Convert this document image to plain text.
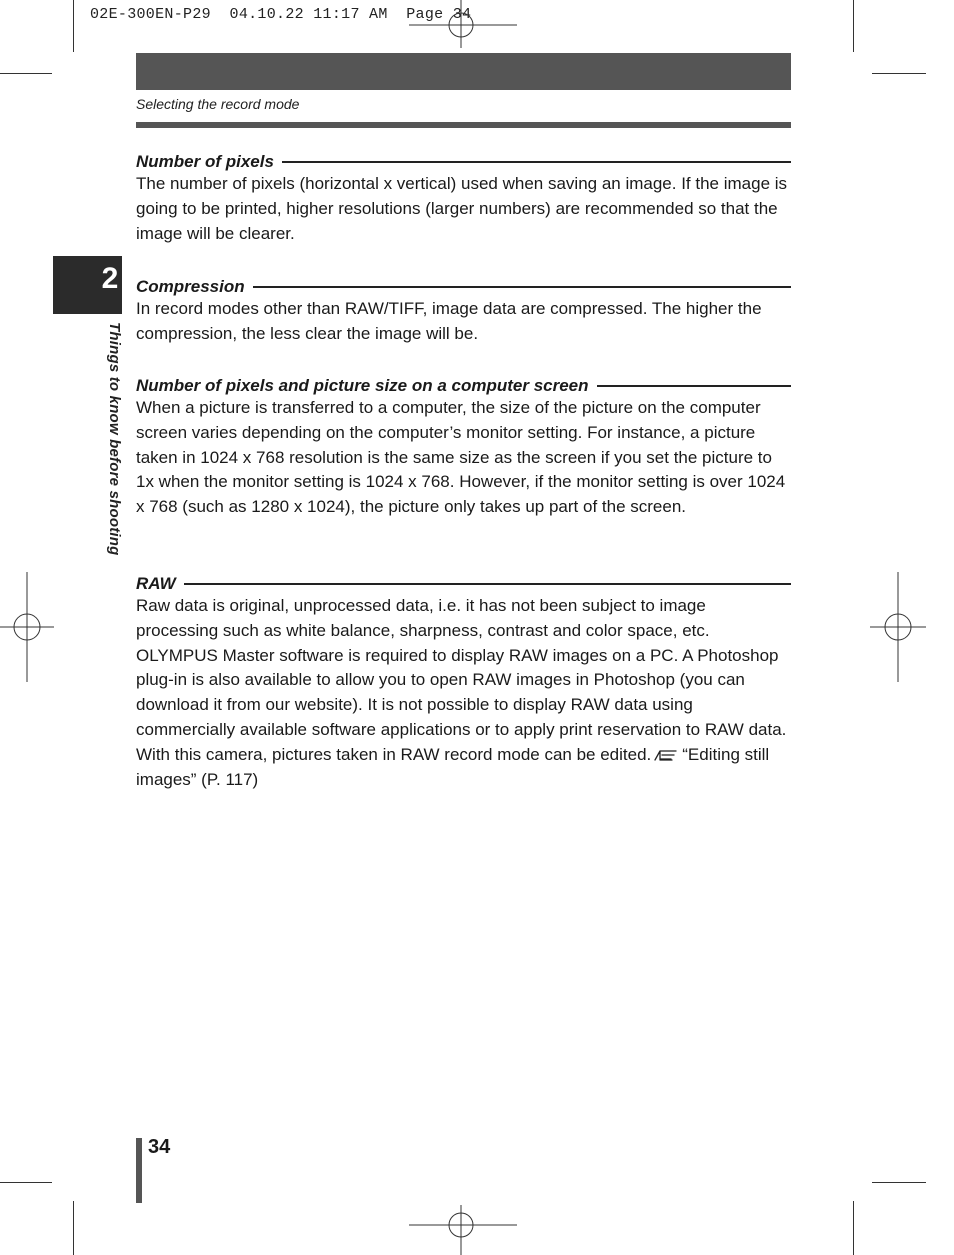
02E-300EN-P29  04.10.22 11:17 AM  Page 34
Selecting the record mode
2
Things to know before shooting
Number of pixels

The number of pixels (horizontal x vertical) used when saving an image. If the image is going to be printed, higher resolutions (larger numbers) are recommended so that the image will be clearer.

Compression

In record modes other than RAW/TIFF, image data are compressed. The higher the compression, the less clear the image will be.

Number of pixels and picture size on a computer screen

When a picture is transferred to a computer, the size of the picture on the computer screen varies depending on the computer’s monitor setting. For instance, a picture taken in 1024 x 768 resolution is the same size as the screen if you set the picture to 1x when the monitor setting is 1024 x 768. However, if the monitor setting is over 1024 x 768 (such as 1280 x 1024), the picture only takes up part of the screen.

RAW

Raw data is original, unprocessed data, i.e. it has not been subject to image processing such as white balance, sharpness, contrast and color space, etc. OLYMPUS Master software is required to display RAW images on a PC. A Photoshop plug-in is also available to allow you to open RAW images in Photoshop (you can download it from our website). It is not possible to display RAW data using commercially available software applications or to apply print reservation to RAW data. With this camera, pictures taken in RAW record mode can be edited. “Editing still images” (P. 117)

34
